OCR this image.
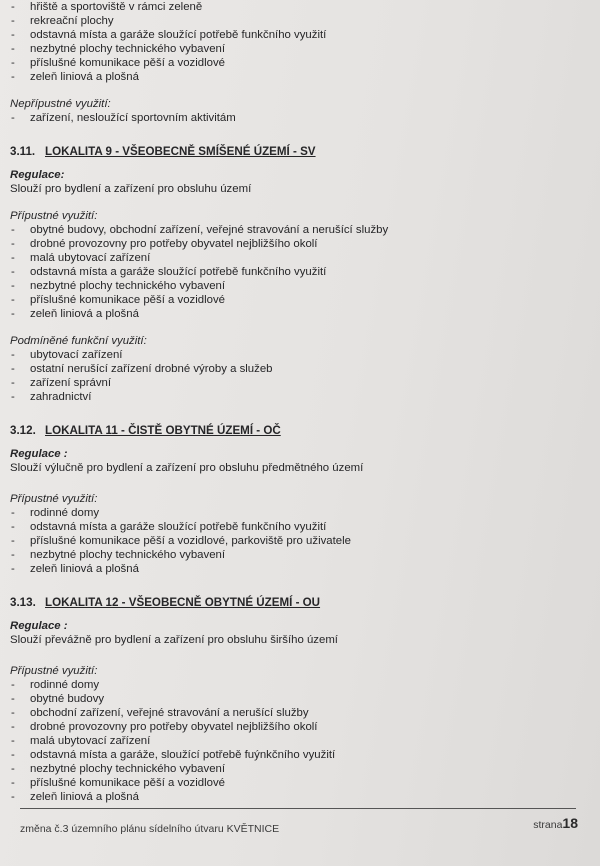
- hřiště a sportoviště v rámci zeleně
- rekreační plochy
- odstavná místa a garáže sloužící potřebě funkčního využití
- nezbytné plochy technického vybavení
- příslušné komunikace pěší a vozidlové
- zeleň liniová a plošná
Nepřípustné využití:
- zařízení, nesloužící sportovním aktivitám
3.11. LOKALITA 9 - VŠEOBECNĚ SMÍŠENÉ ÚZEMÍ - SV
Regulace:
Slouží pro bydlení a zařízení pro obsluhu území
Přípustné využití:
- obytné budovy, obchodní zařízení, veřejné stravování a nerušící služby
- drobné provozovny pro potřeby obyvatel nejbližšího okolí
- malá ubytovací zařízení
- odstavná místa a garáže sloužící potřebě funkčního využití
- nezbytné plochy technického vybavení
- příslušné komunikace pěší a vozidlové
- zeleň liniová a plošná
Podmíněné funkční využití:
- ubytovací zařízení
- ostatní nerušící zařízení drobné výroby a služeb
- zařízení správní
- zahradnictví
3.12. LOKALITA 11 - ČISTĚ OBYTNÉ ÚZEMÍ - OČ
Regulace :
Slouží výlučně pro bydlení a zařízení pro obsluhu předmětného území
Přípustné využití:
- rodinné domy
- odstavná místa a garáže sloužící potřebě funkčního využití
- příslušné komunikace pěší a vozidlové, parkoviště pro uživatele
- nezbytné plochy technického vybavení
- zeleň liniová a plošná
3.13. LOKALITA 12 - VŠEOBECNĚ OBYTNÉ ÚZEMÍ - OU
Regulace :
Slouží převážně pro bydlení a zařízení pro obsluhu širšího území
Přípustné využití:
- rodinné domy
- obytné budovy
- obchodní zařízení, veřejné stravování a nerušící služby
- drobné provozovny pro potřeby obyvatel nejbližšího okolí
- malá ubytovací zařízení
- odstavná místa a garáže, sloužící potřebě fuýnkčního využití
- nezbytné plochy technického vybavení
- příslušné komunikace pěší a vozidlové
- zeleň liniová a plošná
změna č.3 územního plánu sídelního útvaru KVĚTNICE	strana18
